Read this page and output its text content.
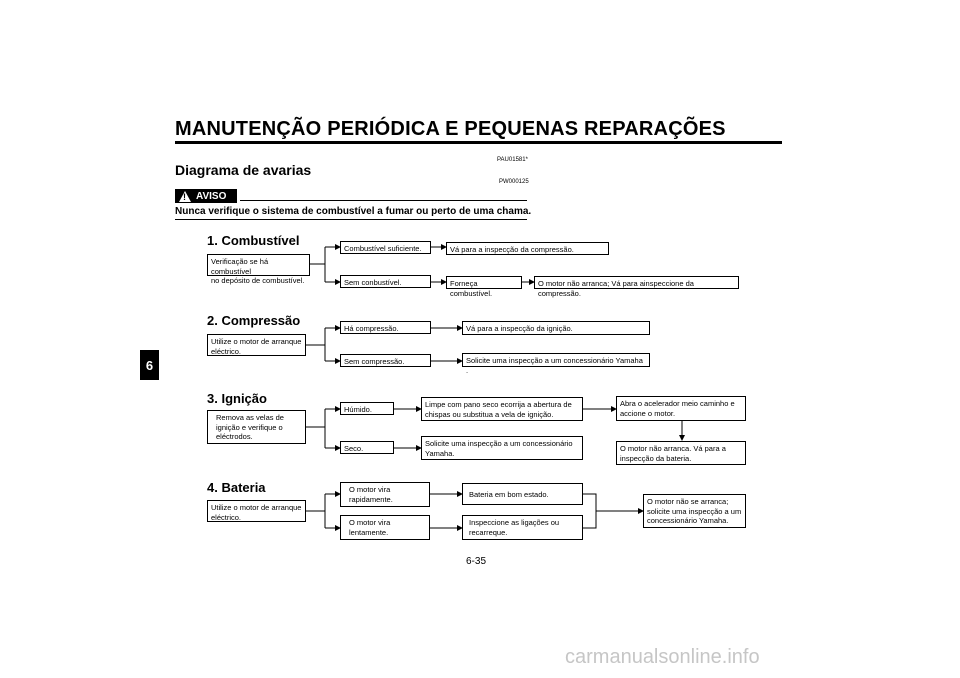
MANUTENÇÃO PERIÓDICA E PEQUENAS REPARAÇÕES
6
PAU01581*
Diagrama de avarias
PW000125
! AVISO
Nunca verifique o sistema de combustível a fumar ou perto de uma chama.
1. Combustível
Verificação se há combustível
no depósito de combustível.
Combustível suficiente.	Vá para a inspecção da compressão.
Sem conbustível.	Forneça combustível.
O motor não arranca; Vá para ainspeccione da compressão.
2. Compressão
Utilize o motor de arranque
eléctrico.
Há compressão.	Vá para a inspecção da ignição.
Sem compressão.	Solicite uma inspecção a um concessionário Yamaha .
3. Ignição
Remova as velas de
ignição e verifique o
eléctrodos.
Húmido.
Limpe com pano seco ecorrija a abertura de
chispas ou substitua a vela de ignição.
Abra o acelerador meio caminho e
accione o motor.
Seco.
Solicite uma inspecção a um concessionário
Yamaha.	O motor não arranca. Vá para a
inspecção da bateria.
4. Bateria
Utilize o motor de arranque
eléctrico.
O motor vira
rapidamente.	Bateria em bom estado.
O motor vira
lentamente.
Inspeccione as ligações ou
recarreque.
O motor não se arranca;
solicite uma inspecção a um
concessionário Yamaha.
6-35
carmanualsonline.info
